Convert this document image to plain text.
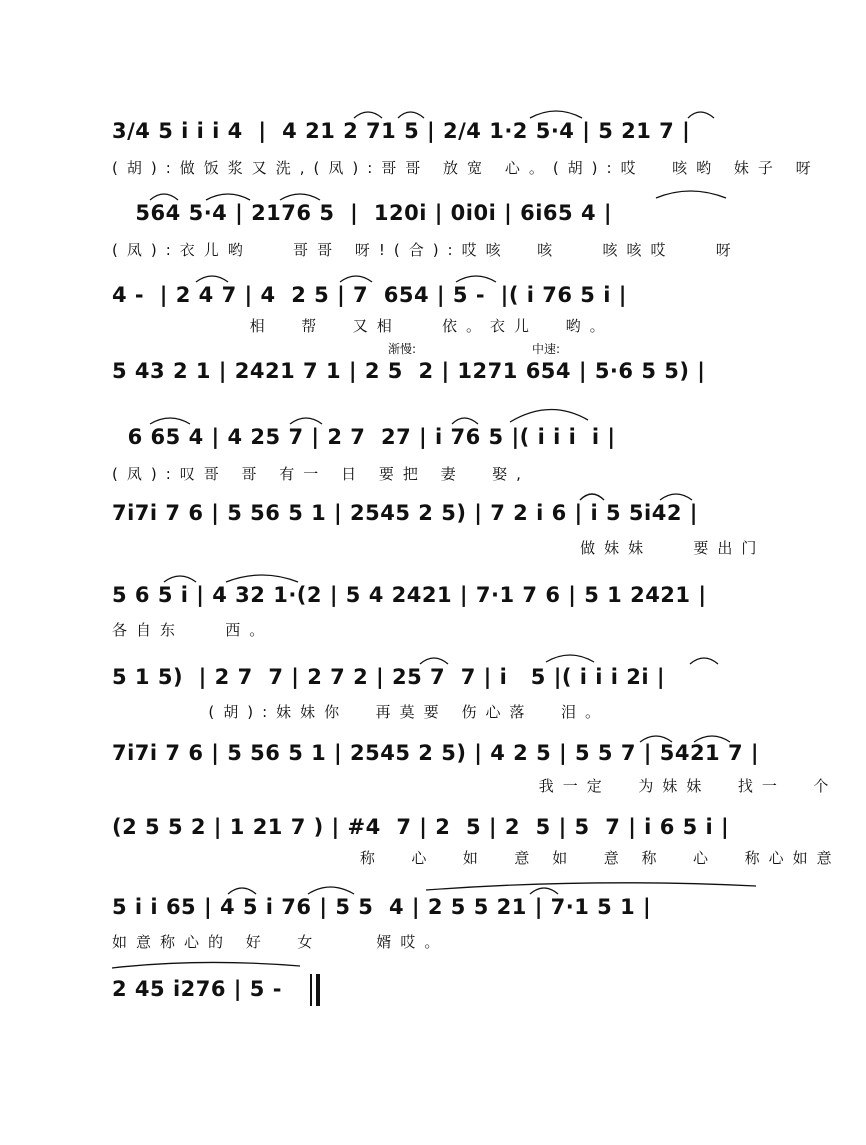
3/4 5 i i i 4  |  4 21 2 71 5 | 2/4 1·2 5·4 | 5 21 7 |
(胡):做饭浆又洗,(凤):哥哥 放宽 心。(胡):哎  咳哟 妹子 呀
564 5·4 | 2176 5  |  120i | 0i0i | 6i65 4 |
(凤):衣儿哟   哥哥 呀!(合):哎咳  咳   咳咳哎   呀
4 -  | 2 4 7 | 4  2 5 | 7  654 | 5 -  |( i 76 5 i |
相  帮  又相   依。衣儿  哟。
渐慢:	中速:
5 43 2 1 | 2421 7 1 | 2 5  2 | 1271 654 | 5·6 5 5) |
6 65 4 | 4 25 7 | 2 7  27 | i 76 5 |( i i i  i |
(凤):叹哥 哥 有一 日 要把 妻  娶,
7i7i 7 6 | 5 56 5 1 | 2545 2 5) | 7 2 i 6 | i 5 5i42 |
做妹妹   要出门
5 6 5 i | 4 32 1·(2 | 5 4 2421 | 7·1 7 6 | 5 1 2421 |
各自东   西。
5 1 5)  | 2 7  7 | 2 7 2 | 25 7  7 | i   5 |( i i i 2i |
(胡):妹妹你  再莫要 伤心落  泪。
7i7i 7 6 | 5 56 5 1 | 2545 2 5) | 4 2 5 | 5 5 7 | 5421 7 |
我一定  为妹妹  找一  个
(2 5 5 2 | 1 21 7 ) | #4  7 | 2  5 | 2  5 | 5  7 | i 6 5 i |
称  心  如  意 如  意 称  心  称心如意
5 i i 65 | 4 5 i 76 | 5 5  4 | 2 5 5 21 | 7·1 5 1 |
如意称心的 好  女    婿哎。
2 45 i276 | 5 -
